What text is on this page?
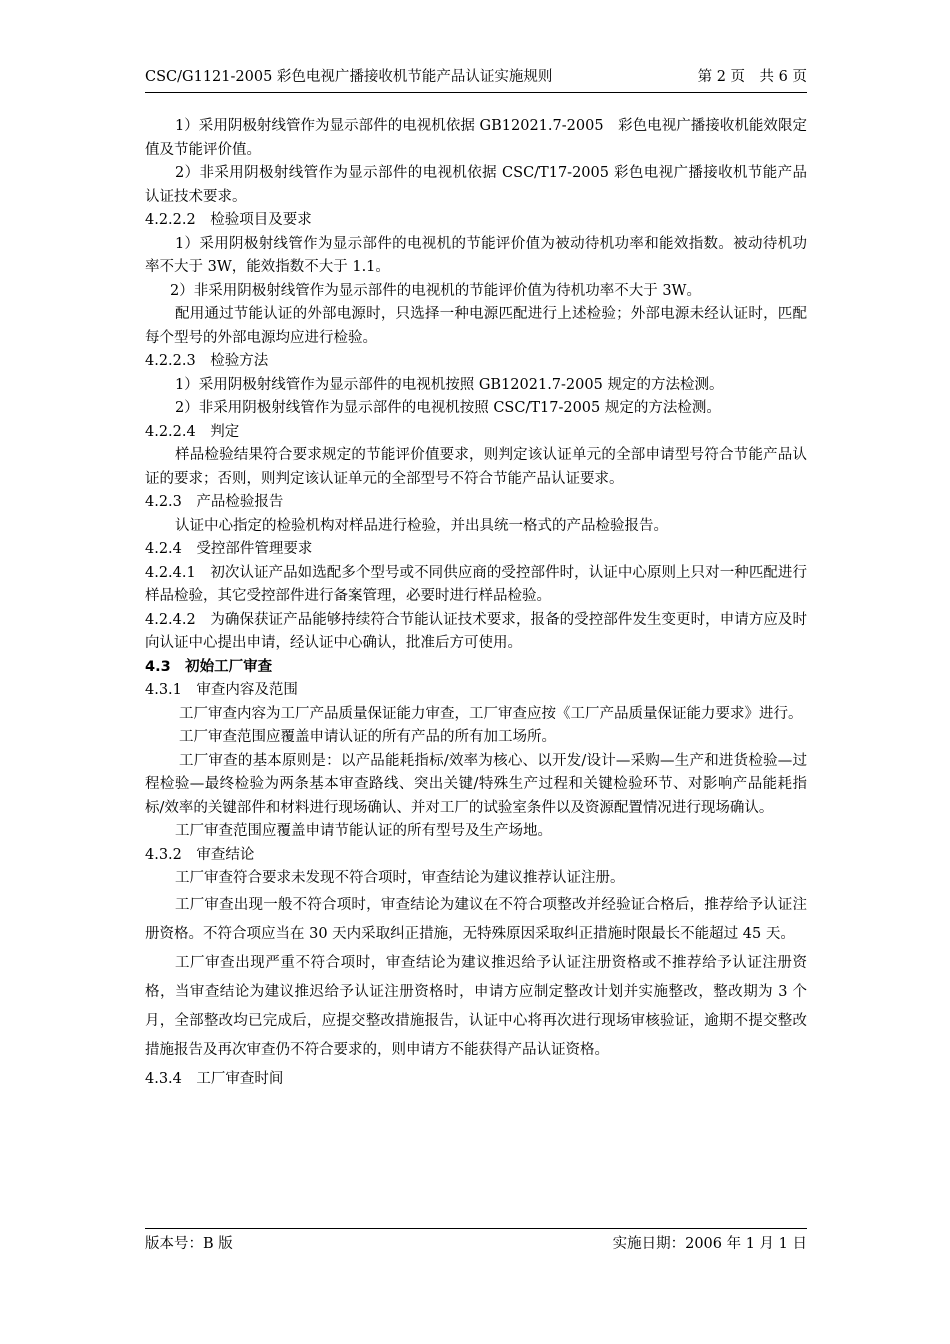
CSC/G1121-2005 彩色电视广播接收机节能产品认证实施规则	第 2 页　共 6 页

1）采用阴极射线管作为显示部件的电视机依据 GB12021.7-2005　彩色电视广播接收机能效限定值及节能评价值。

2）非采用阴极射线管作为显示部件的电视机依据 CSC/T17-2005 彩色电视广播接收机节能产品认证技术要求。

4.2.2.2　检验项目及要求

1）采用阴极射线管作为显示部件的电视机的节能评价值为被动待机功率和能效指数。被动待机功率不大于 3W，能效指数不大于 1.1。

2）非采用阴极射线管作为显示部件的电视机的节能评价值为待机功率不大于 3W。

配用通过节能认证的外部电源时，只选择一种电源匹配进行上述检验；外部电源未经认证时，匹配每个型号的外部电源均应进行检验。

4.2.2.3　检验方法

1）采用阴极射线管作为显示部件的电视机按照 GB12021.7-2005 规定的方法检测。

2）非采用阴极射线管作为显示部件的电视机按照 CSC/T17-2005 规定的方法检测。

4.2.2.4　判定

样品检验结果符合要求规定的节能评价值要求，则判定该认证单元的全部申请型号符合节能产品认证的要求；否则，则判定该认证单元的全部型号不符合节能产品认证要求。

4.2.3　产品检验报告

认证中心指定的检验机构对样品进行检验，并出具统一格式的产品检验报告。

4.2.4　受控部件管理要求

4.2.4.1　初次认证产品如选配多个型号或不同供应商的受控部件时，认证中心原则上只对一种匹配进行样品检验，其它受控部件进行备案管理，必要时进行样品检验。

4.2.4.2　为确保获证产品能够持续符合节能认证技术要求，报备的受控部件发生变更时，申请方应及时向认证中心提出申请，经认证中心确认，批准后方可使用。

4.3　初始工厂审查

4.3.1　审查内容及范围

工厂审查内容为工厂产品质量保证能力审查，工厂审查应按《工厂产品质量保证能力要求》进行。

工厂审查范围应覆盖申请认证的所有产品的所有加工场所。

工厂审查的基本原则是：以产品能耗指标/效率为核心、以开发/设计—采购—生产和进货检验—过程检验—最终检验为两条基本审查路线、突出关键/特殊生产过程和关键检验环节、对影响产品能耗指标/效率的关键部件和材料进行现场确认、并对工厂的试验室条件以及资源配置情况进行现场确认。

工厂审查范围应覆盖申请节能认证的所有型号及生产场地。

4.3.2　审查结论

工厂审查符合要求未发现不符合项时，审查结论为建议推荐认证注册。

工厂审查出现一般不符合项时，审查结论为建议在不符合项整改并经验证合格后，推荐给予认证注册资格。不符合项应当在 30 天内采取纠正措施，无特殊原因采取纠正措施时限最长不能超过 45 天。

工厂审查出现严重不符合项时，审查结论为建议推迟给予认证注册资格或不推荐给予认证注册资格，当审查结论为建议推迟给予认证注册资格时，申请方应制定整改计划并实施整改，整改期为 3 个月，全部整改均已完成后，应提交整改措施报告，认证中心将再次进行现场审核验证，逾期不提交整改措施报告及再次审查仍不符合要求的，则申请方不能获得产品认证资格。

4.3.4　工厂审查时间

版本号：B 版	实施日期：2006 年 1 月 1 日
